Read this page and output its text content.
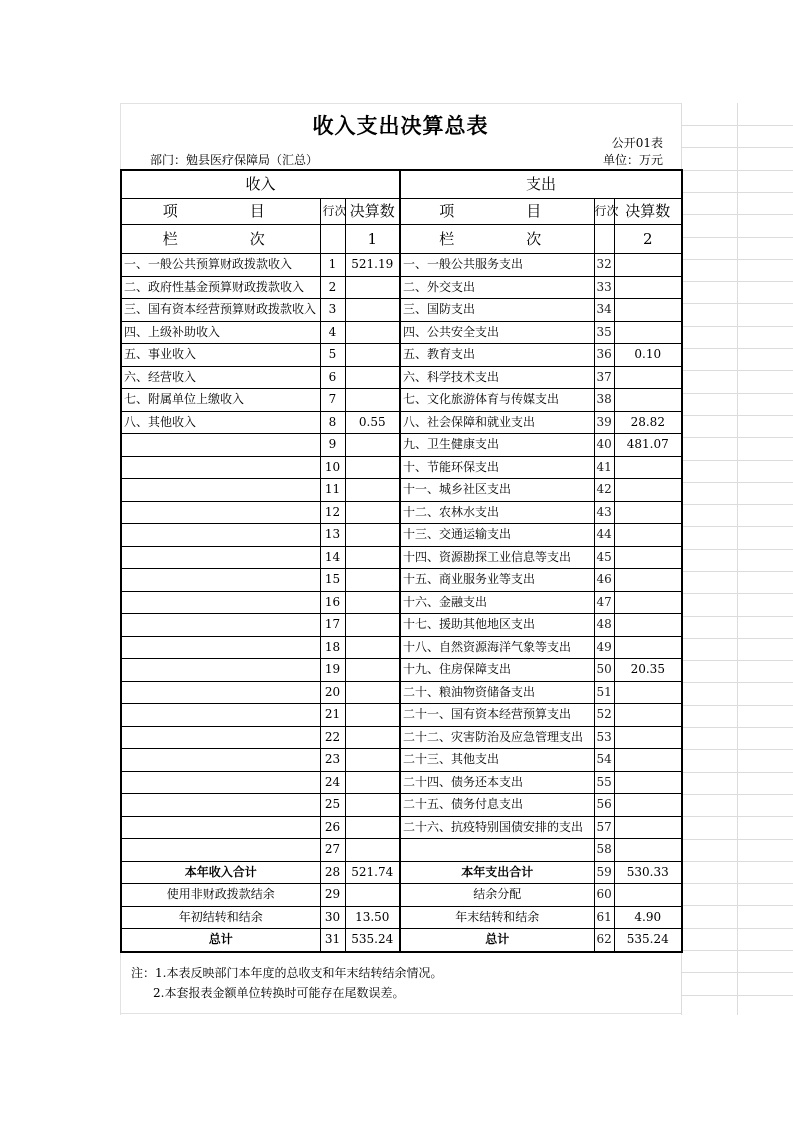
收入支出决算总表
公开01表
部门：勉县医疗保障局（汇总）	单位：万元
收入			支出		
项　　目	行次	决算数	项　　目	行次	决算数
栏　　次		1	栏　　次		2
一、一般公共预算财政拨款收入	1	521.19	一、一般公共服务支出	32	
二、政府性基金预算财政拨款收入	2		二、外交支出	33	
三、国有资本经营预算财政拨款收入	3		三、国防支出	34	
四、上级补助收入	4		四、公共安全支出	35	
五、事业收入	5		五、教育支出	36	0.10
六、经营收入	6		六、科学技术支出	37	
七、附属单位上缴收入	7		七、文化旅游体育与传媒支出	38	
八、其他收入	8	0.55	八、社会保障和就业支出	39	28.82
	9		九、卫生健康支出	40	481.07
	10		十、节能环保支出	41	
	11		十一、城乡社区支出	42	
	12		十二、农林水支出	43	
	13		十三、交通运输支出	44	
	14		十四、资源勘探工业信息等支出	45	
	15		十五、商业服务业等支出	46	
	16		十六、金融支出	47	
	17		十七、援助其他地区支出	48	
	18		十八、自然资源海洋气象等支出	49	
	19		十九、住房保障支出	50	20.35
	20		二十、粮油物资储备支出	51	
	21		二十一、国有资本经营预算支出	52	
	22		二十二、灾害防治及应急管理支出	53	
	23		二十三、其他支出	54	
	24		二十四、债务还本支出	55	
	25		二十五、债务付息支出	56	
	26		二十六、抗疫特别国债安排的支出	57	
	27			58	
本年收入合计	28	521.74	本年支出合计	59	530.33
使用非财政拨款结余	29		结余分配	60	
年初结转和结余	30	13.50	年末结转和结余	61	4.90
总计	31	535.24	总计	62	535.24
注：1.本表反映部门本年度的总收支和年末结转结余情况。
2.本套报表金额单位转换时可能存在尾数误差。
